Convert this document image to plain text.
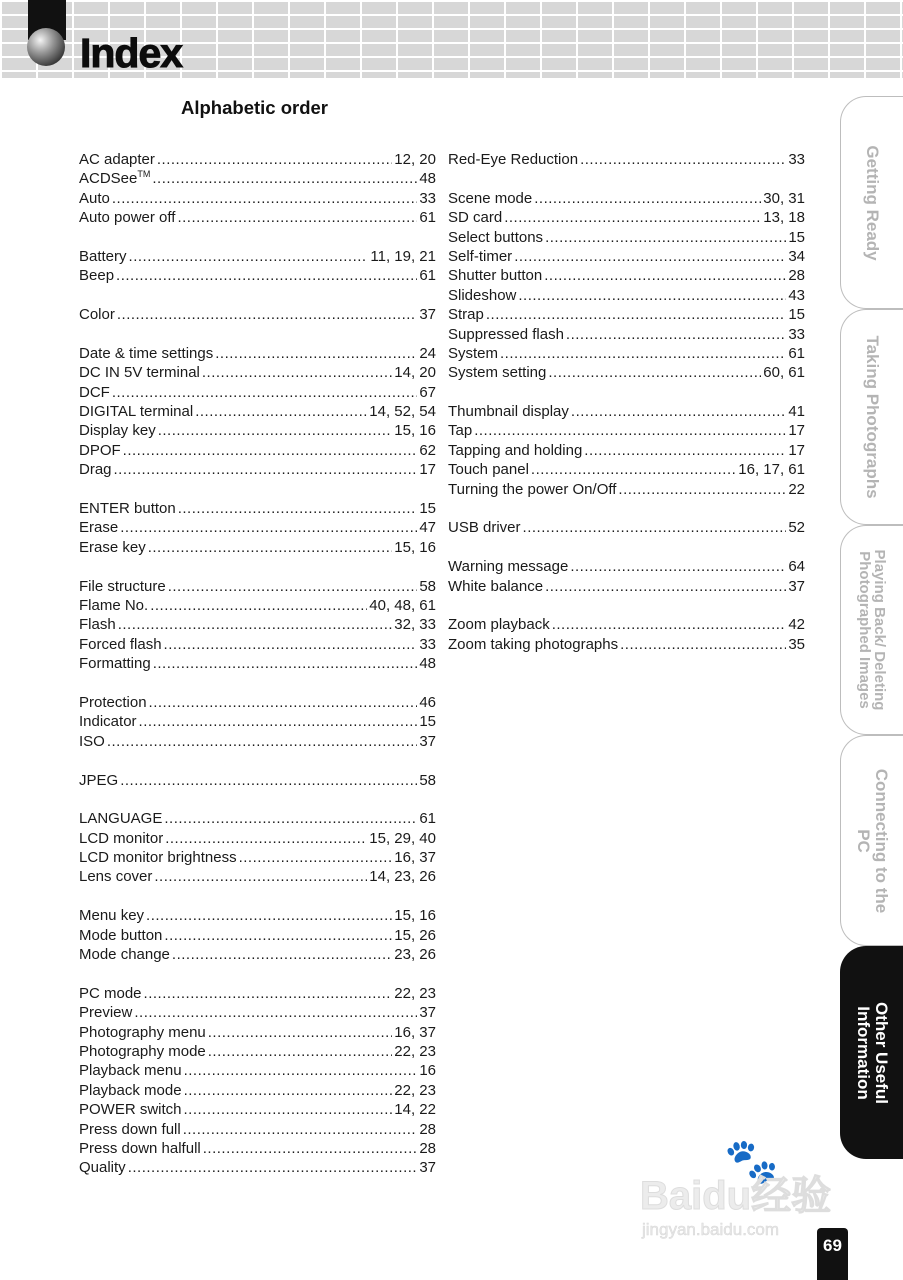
Index
Alphabetic order
AC adapter .....	12, 20
ACDSee™ .....	48
Auto .....	33
Auto power off .....	61
Battery .....	11, 19, 21
Beep .....	61
Color .....	37
Date & time settings .....	24
DC IN 5V terminal .....	14, 20
DCF .....	67
DIGITAL terminal .....	14, 52, 54
Display key .....	15, 16
DPOF .....	62
Drag .....	17
ENTER button .....	15
Erase .....	47
Erase key .....	15, 16
File structure .....	58
Flame No. .....	40, 48, 61
Flash .....	32, 33
Forced flash .....	33
Formatting .....	48
Protection .....	46
Indicator .....	15
ISO .....	37
JPEG .....	58
LANGUAGE .....	61
LCD monitor .....	15, 29, 40
LCD monitor brightness .....	16, 37
Lens cover .....	14, 23, 26
Menu key .....	15, 16
Mode button .....	15, 26
Mode change .....	23, 26
PC mode .....	22, 23
Preview .....	37
Photography menu .....	16, 37
Photography mode .....	22, 23
Playback menu .....	16
Playback mode .....	22, 23
POWER switch .....	14, 22
Press down full .....	28
Press down halfull .....	28
Quality .....	37
Red-Eye Reduction .....	33
Scene mode .....	30, 31
SD card .....	13, 18
Select buttons .....	15
Self-timer .....	34
Shutter button .....	28
Slideshow .....	43
Strap .....	15
Suppressed flash .....	33
System .....	61
System setting .....	60, 61
Thumbnail display .....	41
Tap .....	17
Tapping and holding .....	17
Touch panel .....	16, 17, 61
Turning the power On/Off .....	22
USB driver .....	52
Warning message .....	64
White balance .....	37
Zoom playback .....	42
Zoom taking photographs .....	35
Getting Ready
Taking Photographs
Playing Back/ Deleting Photographed Images
Connecting to the PC
Other Useful Information
🐾
Baidu经验
jingyan.baidu.com
69
